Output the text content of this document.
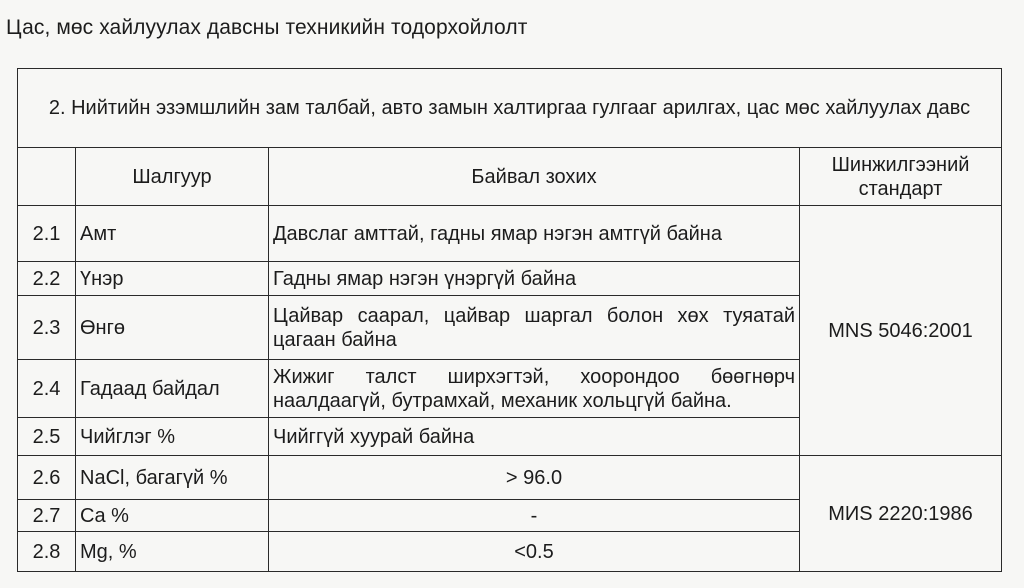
Цас, мөс хайлуулах давсны техникийн тодорхойлолт
2. Нийтийн эзэмшлийн зам талбай, авто замын халтиргаа гулгааг арилгах, цас мөс хайлуулах давс			
	Шалгуур	Байвал зохих	Шинжилгээний стандарт
2.1	Амт	Давслаг амттай, гадны ямар нэгэн амтгүй байна	MNS 5046:2001
2.2	Үнэр	Гадны ямар нэгэн үнэргүй байна	
2.3	Өнгө	Цайвар саарал, цайвар шаргал болон хөх туяатай цагаан байна	
2.4	Гадаад байдал	Жижиг талст ширхэгтэй, хоорондоо бөөгнөрч наалдаагүй, бутрамхай, механик хольцгүй байна.	
2.5	Чийглэг %	Чийггүй хуурай байна	
2.6	NaCl, багагүй %	> 96.0	МИS 2220:1986
2.7	Ca %	-	
2.8	Mg, %	<0.5	
